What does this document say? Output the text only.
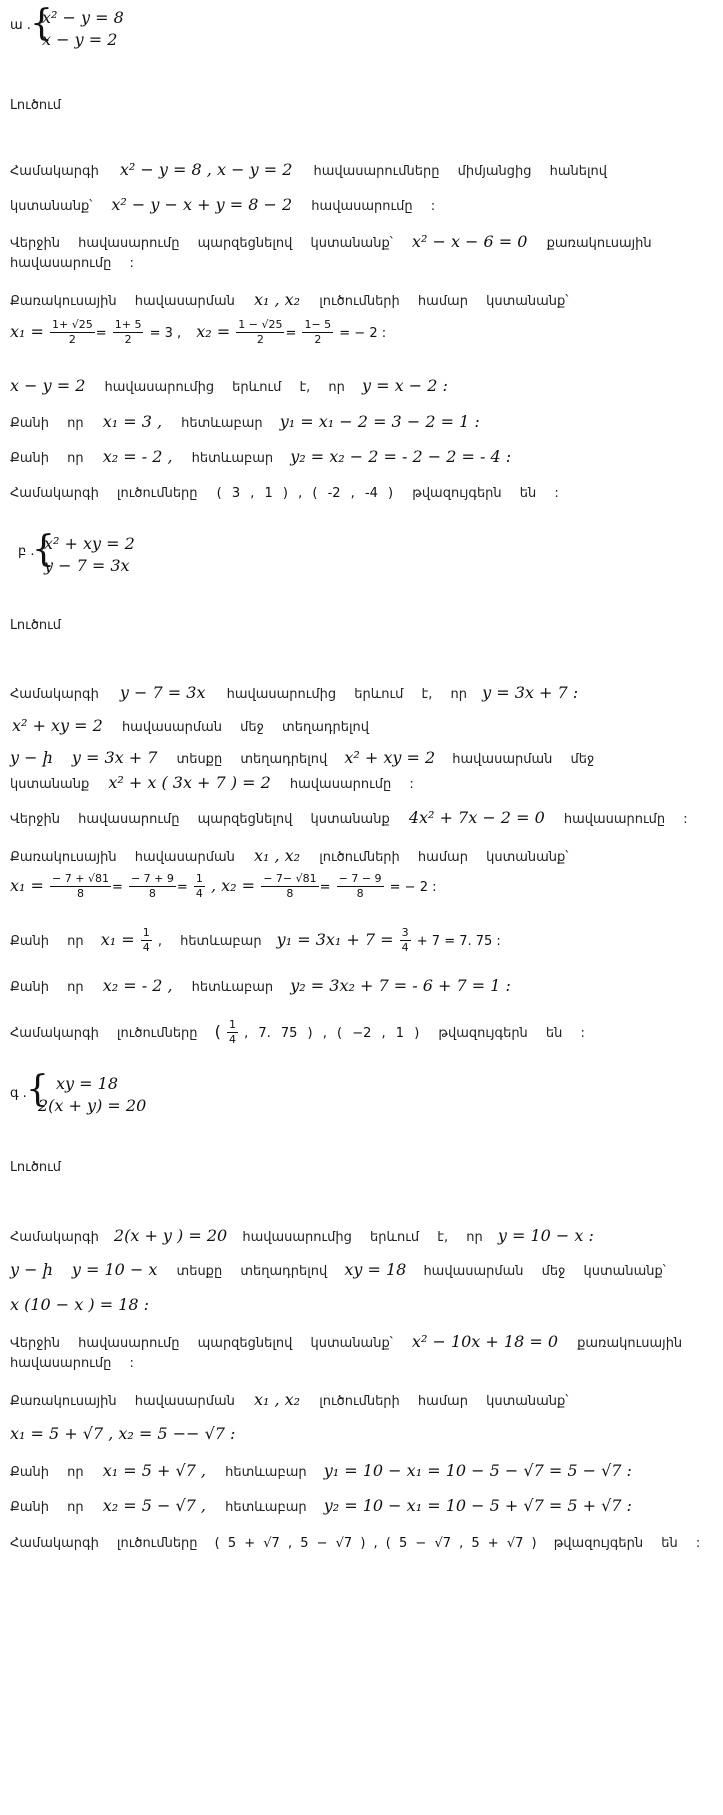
ա . {
x² − y = 8
x − y = 2
Լուծում
Համակարգի x² − y = 8 , x − y = 2 հավասարումները միմյանցից հանելով
կստանանք՝ x² − y − x + y = 8 − 2 հավասարումը :
Վերջին հավասարումը պարզեցնելով կստանանք՝ x² − x − 6 = 0 քառակուսային
հավասարումը :
Քառակուսային հավասարման x₁ , x₂ լուծումների համար կստանանք՝
$x_1 = \frac{1+ √25}{2} = \frac{1+ 5}{2} = 3$ , $x_2 = \frac{1 - √25}{2} = \frac{1- 5}{2}$ = − 2 :
x − y = 2 հավասարումից երևում է, որ y = x − 2 :
Քանի որ x₁ = 3 , հետևաբար y₁ = x₁ − 2 = 3 − 2 = 1 :
Քանի որ x₂ = - 2 , հետևաբար y₂ = x₂ − 2 = - 2 − 2 = - 4 :
Համակարգի լուծումները ( 3 , 1 ) , ( -2 , -4 ) թվազույգերն են :
բ .
{
x² + xy = 2
y − 7 = 3x
Լուծում
Համակարգի y − 7 = 3x հավասարումից երևում է, որ y = 3x + 7 :
x² + xy = 2 հավասարման մեջ տեղադրելով
y − ի y = 3x + 7 տեսքը տեղադրելով x² + xy = 2 հավասարման մեջ
կստանանք x² + x ( 3x + 7 ) = 2 հավասարումը :
Վերջին հավասարումը պարզեցնելով կստանանք 4x² + 7x − 2 = 0 հավասարումը :
Քառակուսային հավասարման x₁ , x₂ լուծումների համար կստանանք՝
$x_1 = \frac{- 7 + √81}{8} = \frac{- 7 + 9}{8} = \frac{1}{4}$ , $x_2 = \frac{- 7- √81}{8} = \frac{- 7 - 9}{8}$ = − 2 :
Քանի որ $x_1 = \frac{1}{4}$ , հետևաբար $y_1 = 3x_1 + 7 = \frac{3}{4} + 7 = 7$. 75 :
Քանի որ x₂ = - 2 , հետևաբար y₂ = 3x₂ + 7 = - 6 + 7 = 1 :
Համակարգի լուծումները ( $\frac{1}{4}$ , 7. 75 ) , ( −2 , 1 ) թվազույգերն են :
գ . { xy = 18
2(x + y) = 20
Լուծում
Համակարգի 2(x + y ) = 20 հավասարումից երևում է, որ y = 10 − x :
y − ի y = 10 − x տեսքը տեղադրելով xy = 18 հավասարման մեջ կստանանք՝
x (10 − x ) = 18 :
Վերջին հավասարումը պարզեցնելով կստանանք՝ x² − 10x + 18 = 0 քառակուսային
հավասարումը :
Քառակուսային հավասարման x₁ , x₂ լուծումների համար կստանանք՝
x₁ = 5 + √7 , x₂ = 5 −− √7 :
Քանի որ x₁ = 5 + √7 , հետևաբար y₁ = 10 − x₁ = 10 − 5 − √7 = 5 − √7 :
Քանի որ x₂ = 5 − √7 , հետևաբար y₂ = 10 − x₁ = 10 − 5 + √7 = 5 + √7 :
Համակարգի լուծումները ( 5 + √7 , 5 − √7 ) , ( 5 − √7 , 5 + √7 ) թվազույգերն են :
